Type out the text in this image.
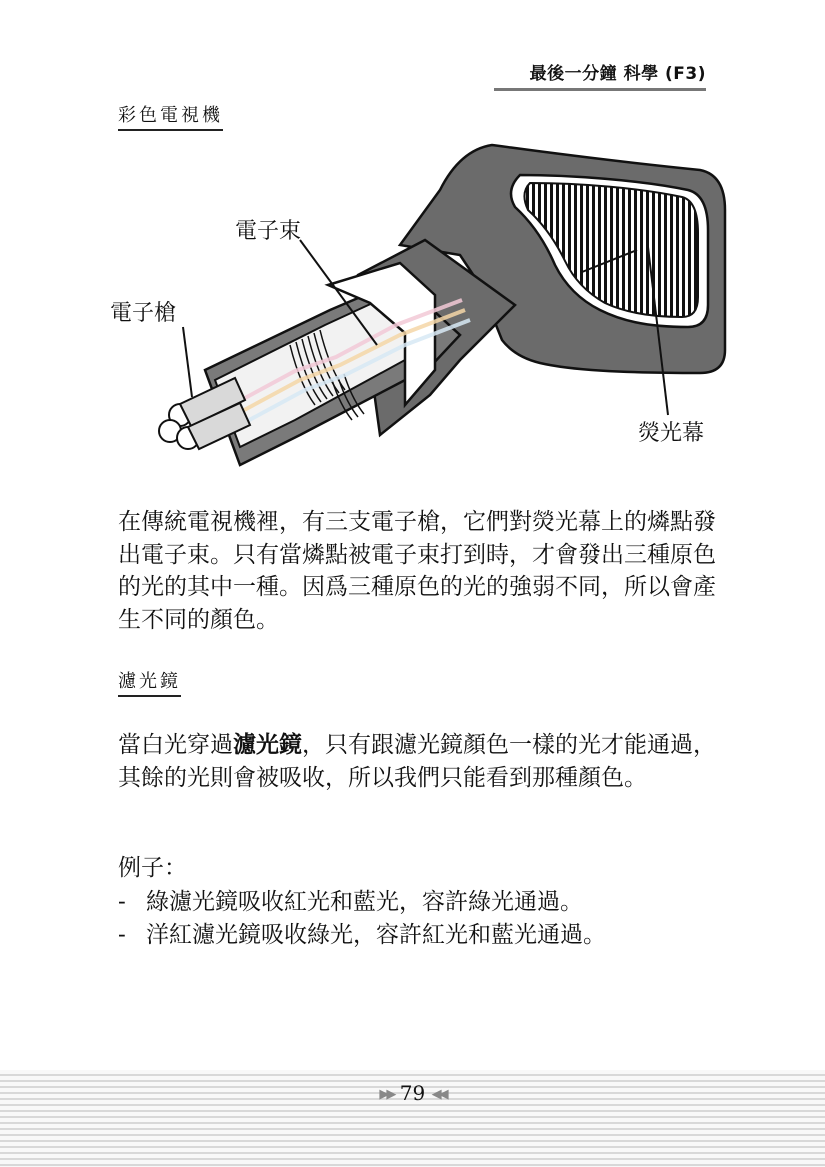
最後一分鐘 科學 (F3)
彩色電視機
電子束
電子槍
熒光幕
在傳統電視機裡，有三支電子槍，它們對熒光幕上的燐點發出電子束。只有當燐點被電子束打到時，才會發出三種原色的光的其中一種。因爲三種原色的光的強弱不同，所以會產生不同的顏色。
濾光鏡
當白光穿過濾光鏡，只有跟濾光鏡顏色一樣的光才能通過，其餘的光則會被吸收，所以我們只能看到那種顏色。
例子：
- 綠濾光鏡吸收紅光和藍光，容許綠光通過。
- 洋紅濾光鏡吸收綠光，容許紅光和藍光通過。
▶▶ 79 ◀◀
